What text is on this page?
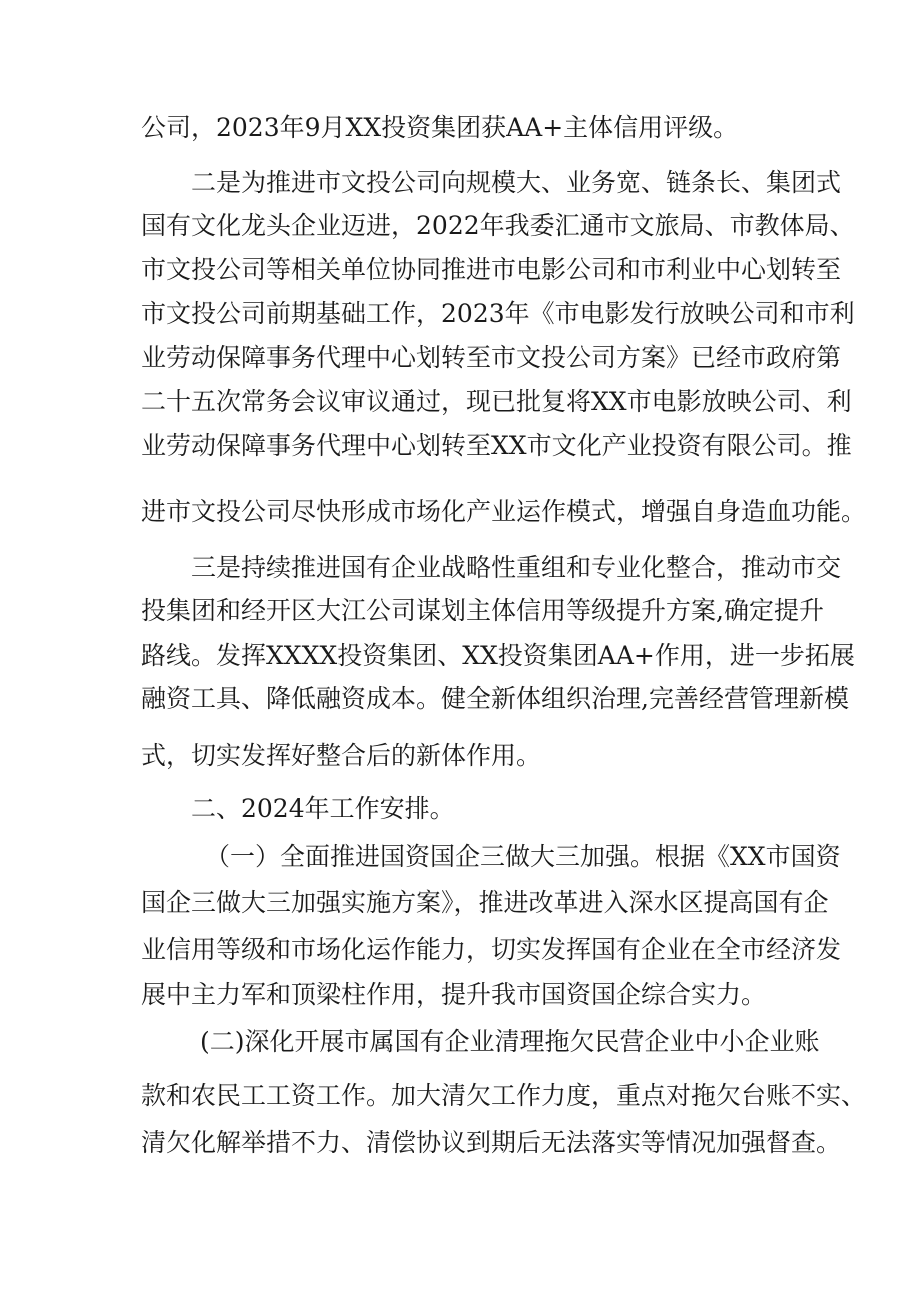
公司，2023年9月XX投资集团获AA+主体信用评级。
二是为推进市文投公司向规模大、业务宽、链条长、集团式
国有文化龙头企业迈进，2022年我委汇通市文旅局、市教体局、
市文投公司等相关单位协同推进市电影公司和市利业中心划转至
市文投公司前期基础工作，2023年《市电影发行放映公司和市利
业劳动保障事务代理中心划转至市文投公司方案》已经市政府第
二十五次常务会议审议通过，现已批复将XX市电影放映公司、利
业劳动保障事务代理中心划转至XX市文化产业投资有限公司。推
进市文投公司尽快形成市场化产业运作模式，增强自身造血功能。
三是持续推进国有企业战略性重组和专业化整合，推动市交
投集团和经开区大江公司谋划主体信用等级提升方案,确定提升
路线。发挥XXXX投资集团、XX投资集团AA+作用，进一步拓展
融资工具、降低融资成本。健全新体组织治理,完善经营管理新模
式，切实发挥好整合后的新体作用。
二、2024年工作安排。
（一）全面推进国资国企三做大三加强。根据《XX市国资
国企三做大三加强实施方案》，推进改革进入深水区提高国有企
业信用等级和市场化运作能力，切实发挥国有企业在全市经济发
展中主力军和顶梁柱作用，提升我市国资国企综合实力。
(二)深化开展市属国有企业清理拖欠民营企业中小企业账
款和农民工工资工作。加大清欠工作力度，重点对拖欠台账不实、
清欠化解举措不力、清偿协议到期后无法落实等情况加强督查。
